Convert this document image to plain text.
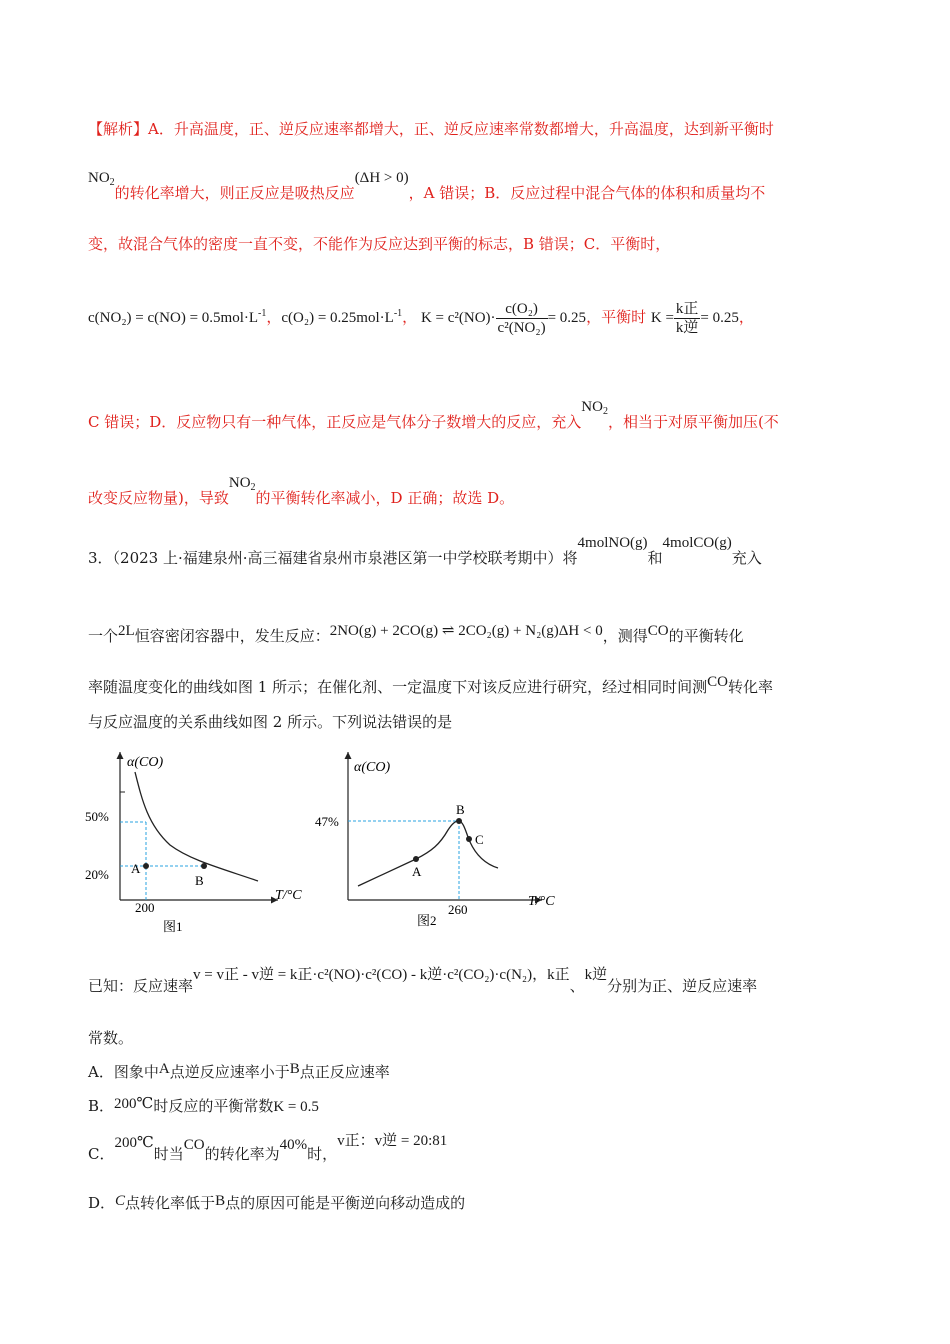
【解析】A．升高温度，正、逆反应速率都增大，正、逆反应速率常数都增大，升高温度，达到新平衡时
$NO_2$的转化率增大，则正反应是吸热反应(ΔH > 0)，A 错误；B．反应过程中混合气体的体积和质量均不
变，故混合气体的密度一直不变，不能作为反应达到平衡的标志，B 错误；C．平衡时，
$c(NO_2) = c(NO) = 0.5mol\cdot L^{-1}$，$c(O_2) = 0.25mol\cdot L^{-1}$， $K = c^2(NO)\cdot \frac{\text{c(O₂)}}{\text{c²(NO₂)}} = 0.25$，平衡时 $K = \frac{\text{k正}}{\text{k逆}} = 0.25$，
C 错误；D．反应物只有一种气体，正反应是气体分子数增大的反应，充入$NO_2$，相当于对原平衡加压(不
改变反应物量)，导致$NO_2$的平衡转化率减小，D 正确；故选 D。
3．（2023 上·福建泉州·高三福建省泉州市泉港区第一中学校联考期中）将4molNO(g)和4molCO(g)充入
一个2L恒容密闭容器中，发生反应：2NO(g) + 2CO(g) ⇌ 2CO₂(g) + N₂(g)ΔH < 0，测得CO的平衡转化
率随温度变化的曲线如图 1 所示；在催化剂、一定温度下对该反应进行研究，经过相同时间测CO转化率
与反应温度的关系曲线如图 2 所示。下列说法错误的是
α(CO)
50%
20%
200
T/°C
A
B
图1
α(CO)
47%
260
T/°C
A
B
C
图2
已知：反应速率v = v正 - v逆 = k正·c²(NO)·c²(CO) - k逆·c²(CO₂)·c(N₂)，k正、k逆分别为正、逆反应速率
常数。
A．图象中A点逆反应速率小于B点正反应速率
B．200℃时反应的平衡常数K = 0.5
C．200℃时当CO的转化率为40%时，v正：v逆 = 20:81
D．C点转化率低于B点的原因可能是平衡逆向移动造成的
